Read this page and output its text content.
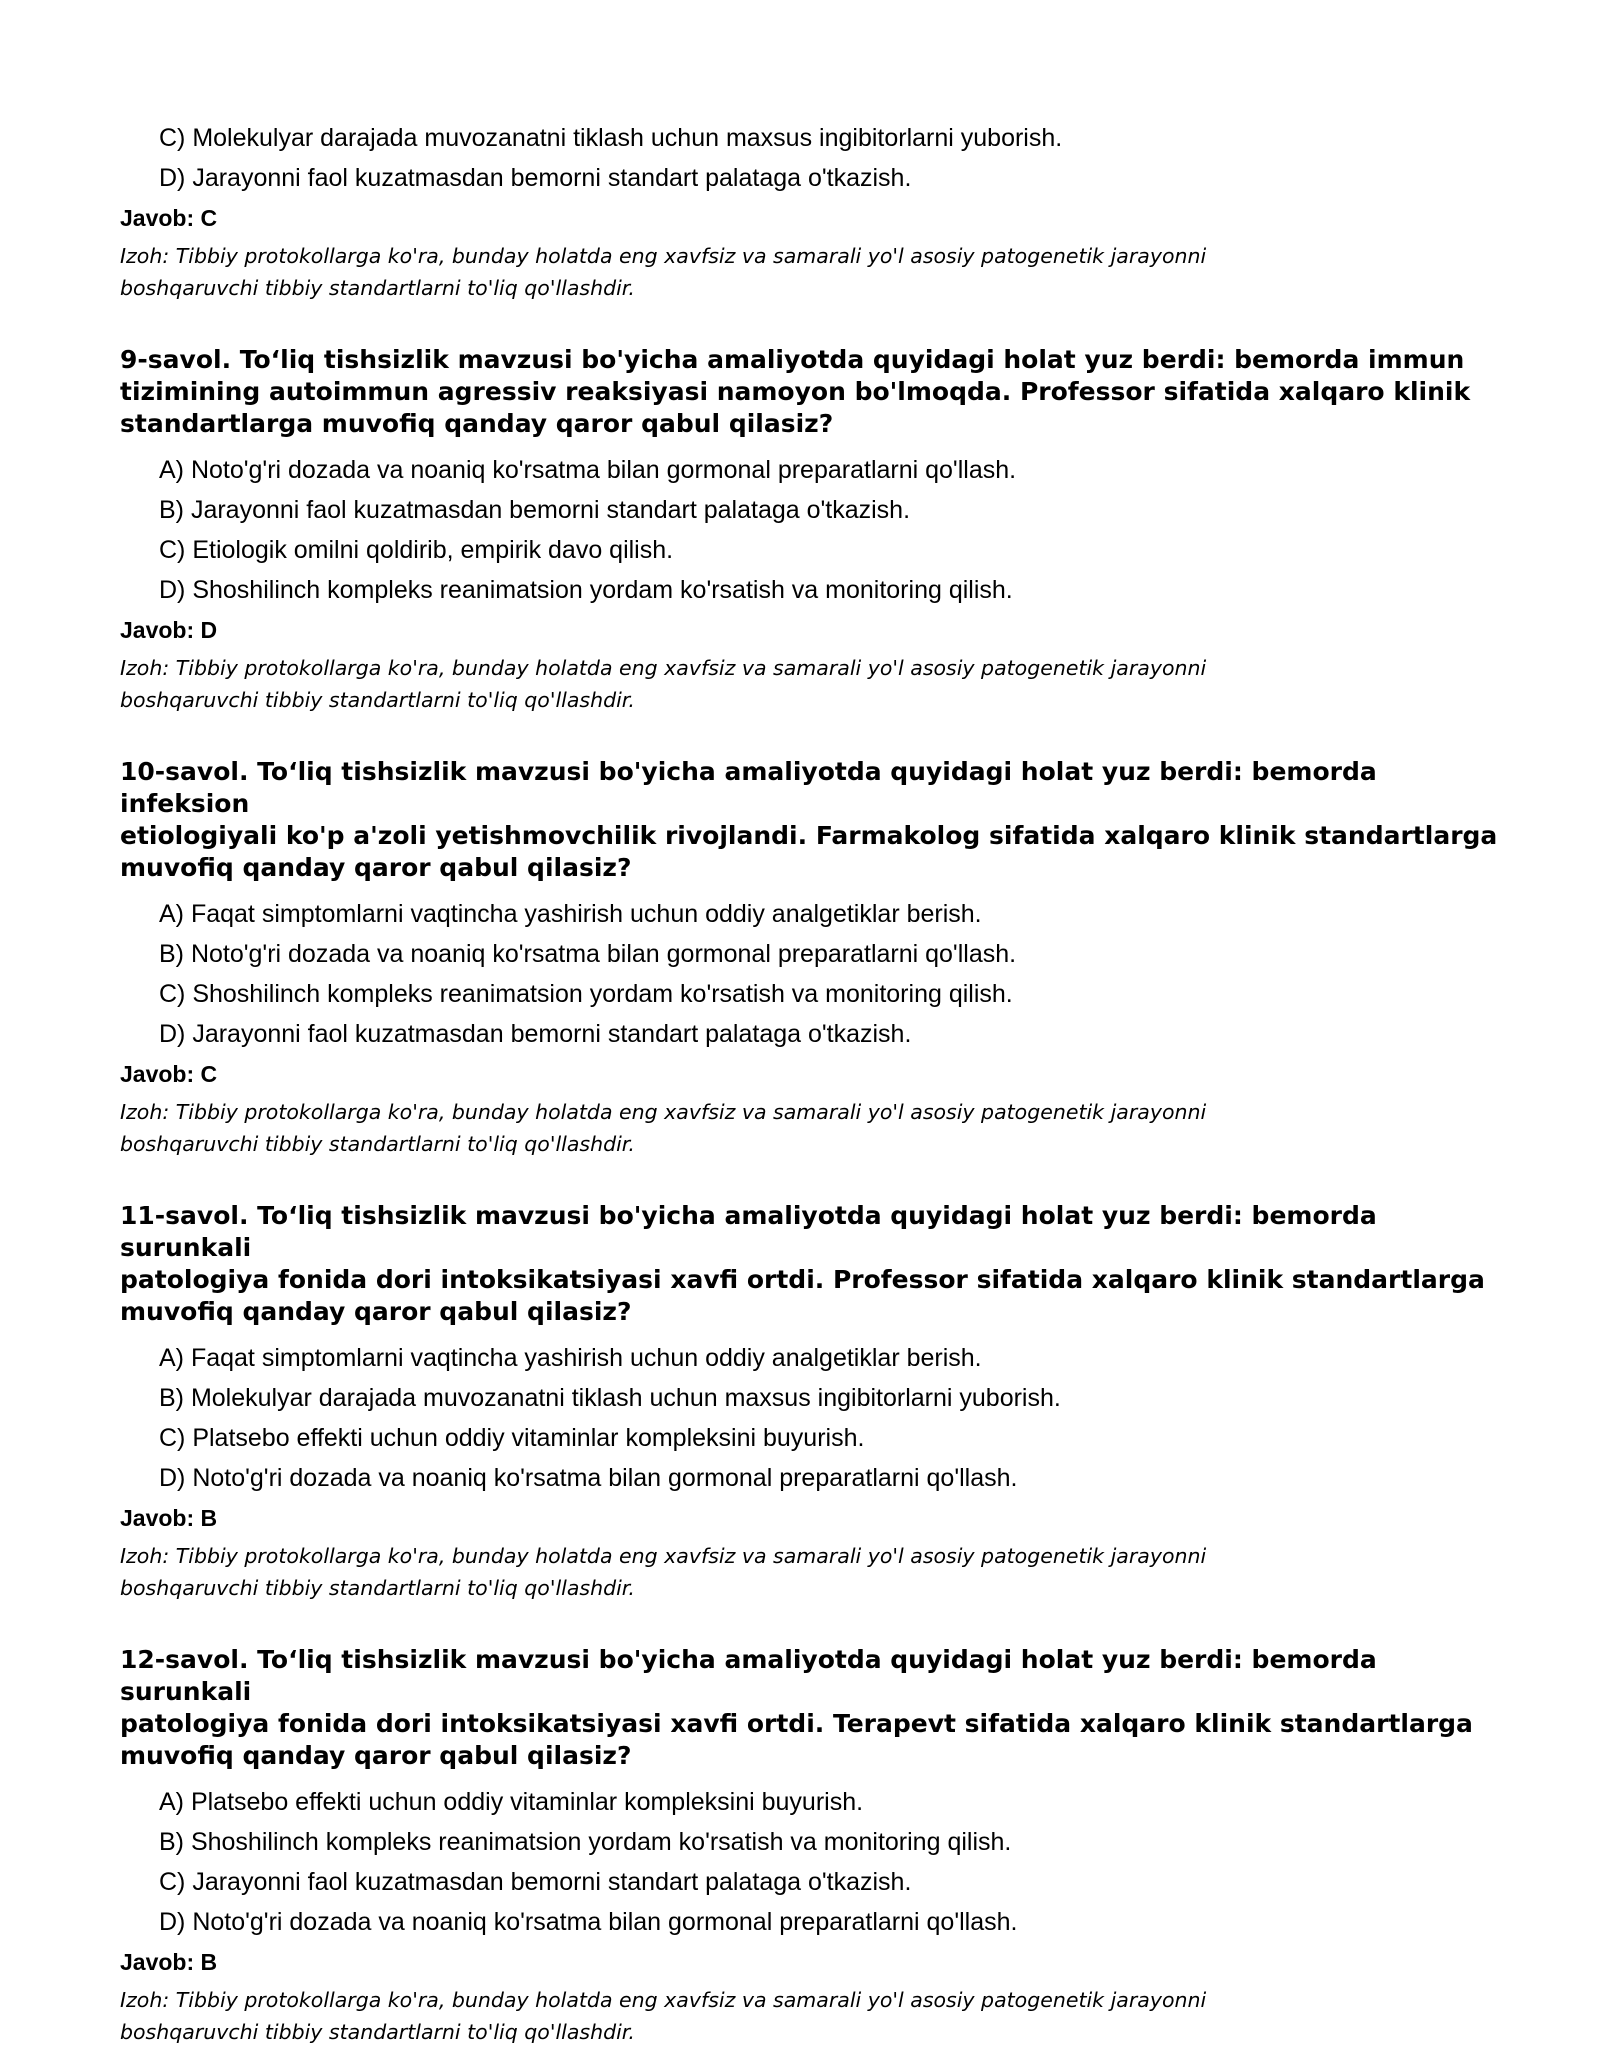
C) Molekulyar darajada muvozanatni tiklash uchun maxsus ingibitorlarni yuborish.
D) Jarayonni faol kuzatmasdan bemorni standart palataga o'tkazish.
Javob: C
Izoh: Tibbiy protokollarga ko'ra, bunday holatda eng xavfsiz va samarali yo'l asosiy patogenetik jarayonni
boshqaruvchi tibbiy standartlarni to'liq qo'llashdir.
9-savol. To‘liq tishsizlik mavzusi bo'yicha amaliyotda quyidagi holat yuz berdi: bemorda immun
tizimining autoimmun agressiv reaksiyasi namoyon bo'lmoqda. Professor sifatida xalqaro klinik
standartlarga muvofiq qanday qaror qabul qilasiz?
A) Noto'g'ri dozada va noaniq ko'rsatma bilan gormonal preparatlarni qo'llash.
B) Jarayonni faol kuzatmasdan bemorni standart palataga o'tkazish.
C) Etiologik omilni qoldirib, empirik davo qilish.
D) Shoshilinch kompleks reanimatsion yordam ko'rsatish va monitoring qilish.
Javob: D
Izoh: Tibbiy protokollarga ko'ra, bunday holatda eng xavfsiz va samarali yo'l asosiy patogenetik jarayonni
boshqaruvchi tibbiy standartlarni to'liq qo'llashdir.
10-savol. To‘liq tishsizlik mavzusi bo'yicha amaliyotda quyidagi holat yuz berdi: bemorda infeksion
etiologiyali ko'p a'zoli yetishmovchilik rivojlandi. Farmakolog sifatida xalqaro klinik standartlarga
muvofiq qanday qaror qabul qilasiz?
A) Faqat simptomlarni vaqtincha yashirish uchun oddiy analgetiklar berish.
B) Noto'g'ri dozada va noaniq ko'rsatma bilan gormonal preparatlarni qo'llash.
C) Shoshilinch kompleks reanimatsion yordam ko'rsatish va monitoring qilish.
D) Jarayonni faol kuzatmasdan bemorni standart palataga o'tkazish.
Javob: C
Izoh: Tibbiy protokollarga ko'ra, bunday holatda eng xavfsiz va samarali yo'l asosiy patogenetik jarayonni
boshqaruvchi tibbiy standartlarni to'liq qo'llashdir.
11-savol. To‘liq tishsizlik mavzusi bo'yicha amaliyotda quyidagi holat yuz berdi: bemorda surunkali
patologiya fonida dori intoksikatsiyasi xavfi ortdi. Professor sifatida xalqaro klinik standartlarga
muvofiq qanday qaror qabul qilasiz?
A) Faqat simptomlarni vaqtincha yashirish uchun oddiy analgetiklar berish.
B) Molekulyar darajada muvozanatni tiklash uchun maxsus ingibitorlarni yuborish.
C) Platsebo effekti uchun oddiy vitaminlar kompleksini buyurish.
D) Noto'g'ri dozada va noaniq ko'rsatma bilan gormonal preparatlarni qo'llash.
Javob: B
Izoh: Tibbiy protokollarga ko'ra, bunday holatda eng xavfsiz va samarali yo'l asosiy patogenetik jarayonni
boshqaruvchi tibbiy standartlarni to'liq qo'llashdir.
12-savol. To‘liq tishsizlik mavzusi bo'yicha amaliyotda quyidagi holat yuz berdi: bemorda surunkali
patologiya fonida dori intoksikatsiyasi xavfi ortdi. Terapevt sifatida xalqaro klinik standartlarga
muvofiq qanday qaror qabul qilasiz?
A) Platsebo effekti uchun oddiy vitaminlar kompleksini buyurish.
B) Shoshilinch kompleks reanimatsion yordam ko'rsatish va monitoring qilish.
C) Jarayonni faol kuzatmasdan bemorni standart palataga o'tkazish.
D) Noto'g'ri dozada va noaniq ko'rsatma bilan gormonal preparatlarni qo'llash.
Javob: B
Izoh: Tibbiy protokollarga ko'ra, bunday holatda eng xavfsiz va samarali yo'l asosiy patogenetik jarayonni
boshqaruvchi tibbiy standartlarni to'liq qo'llashdir.
